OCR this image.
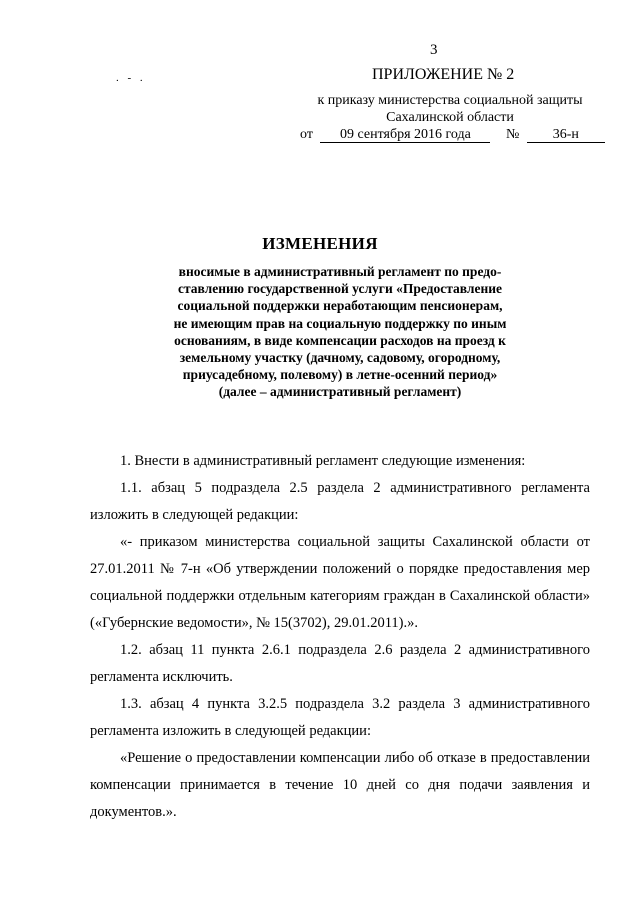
3
. - .	ПРИЛОЖЕНИЕ № 2
к приказу министерства социальной защиты
Сахалинской области
от 09 сентября 2016 года	№ 36-н
ИЗМЕНЕНИЯ
вносимые в административный регламент по предо-
ставлению государственной услуги «Предоставление
социальной поддержки неработающим пенсионерам,
не имеющим прав на социальную поддержку по иным
основаниям, в виде компенсации расходов на проезд к
земельному участку (дачному, садовому, огородному,
приусадебному, полевому) в летне-осенний период»
(далее – административный регламент)

1. Внести в административный регламент следующие изменения:

1.1. абзац 5 подраздела 2.5 раздела 2 административного регламента изложить в следующей редакции:

«- приказом министерства социальной защиты Сахалинской области от 27.01.2011 № 7-н «Об утверждении положений о порядке предоставления мер социальной поддержки отдельным категориям граждан в Сахалинской области» («Губернские ведомости», № 15(3702), 29.01.2011).».

1.2. абзац 11 пункта 2.6.1 подраздела 2.6 раздела 2 административного регламента исключить.

1.3. абзац 4 пункта 3.2.5 подраздела 3.2 раздела 3 административного регламента изложить в следующей редакции:

«Решение о предоставлении компенсации либо об отказе в предоставлении компенсации принимается в течение 10 дней со дня подачи заявления и документов.».
